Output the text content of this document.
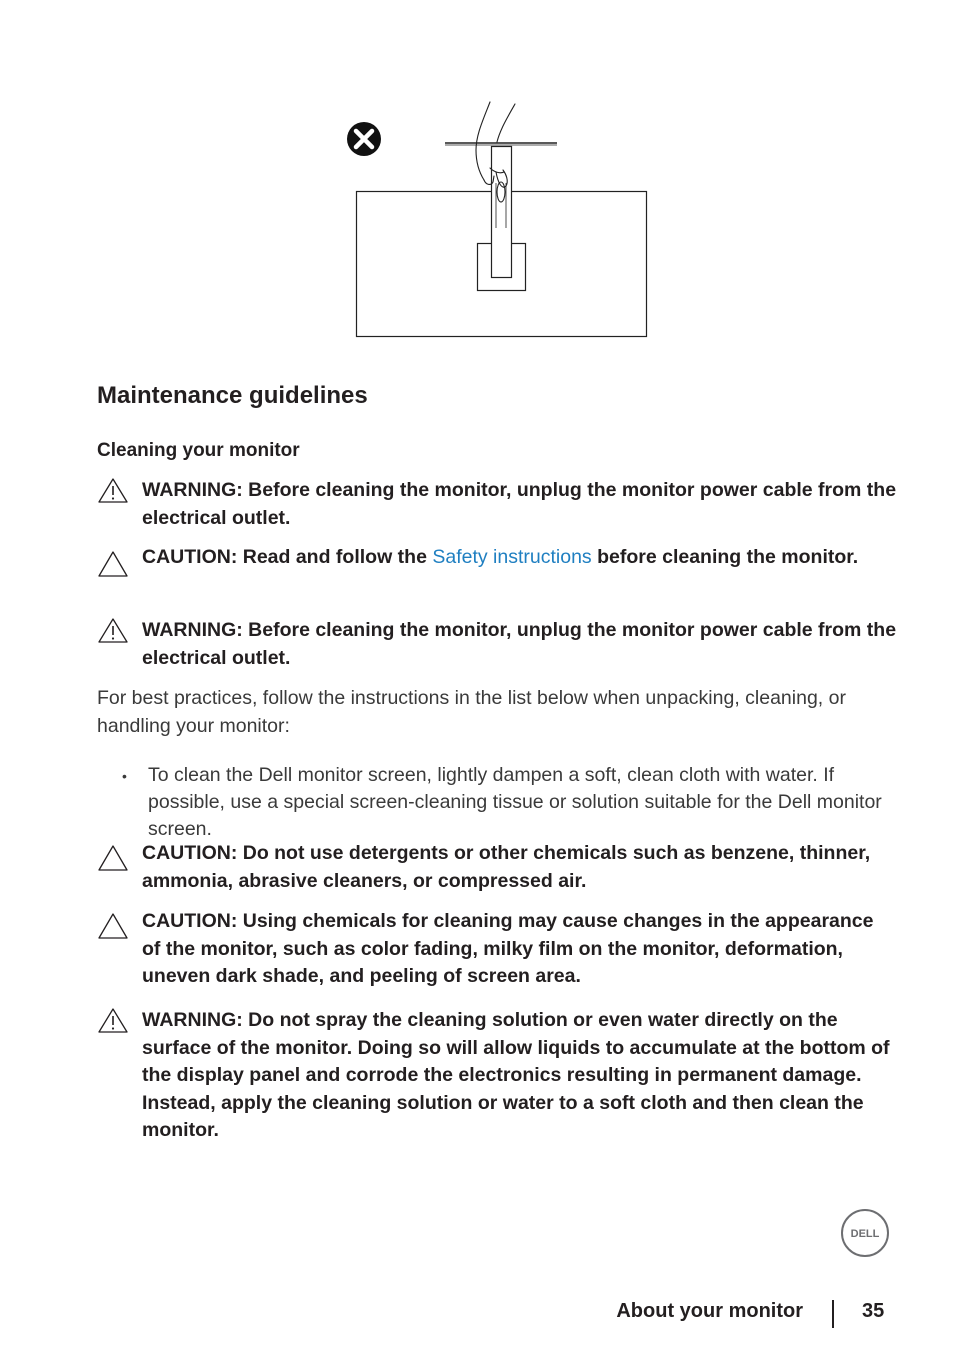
Maintenance guidelines
Cleaning your monitor
WARNING: Before cleaning the monitor, unplug the monitor power cable from the electrical outlet.
CAUTION: Read and follow the Safety instructions before cleaning the monitor.
WARNING: Before cleaning the monitor, unplug the monitor power cable from the electrical outlet.

For best practices, follow the instructions in the list below when unpacking, cleaning, or handling your monitor:

• To clean the Dell monitor screen, lightly dampen a soft, clean cloth with water. If possible, use a special screen-cleaning tissue or solution suitable for the Dell monitor screen.
CAUTION: Do not use detergents or other chemicals such as benzene, thinner, ammonia, abrasive cleaners, or compressed air.
CAUTION: Using chemicals for cleaning may cause changes in the appearance of the monitor, such as color fading, milky film on the monitor, deformation, uneven dark shade, and peeling of screen area.
WARNING: Do not spray the cleaning solution or even water directly on the surface of the monitor. Doing so will allow liquids to accumulate at the bottom of the display panel and corrode the electronics resulting in permanent damage. Instead, apply the cleaning solution or water to a soft cloth and then clean the monitor.
DELL
About your monitor	35
